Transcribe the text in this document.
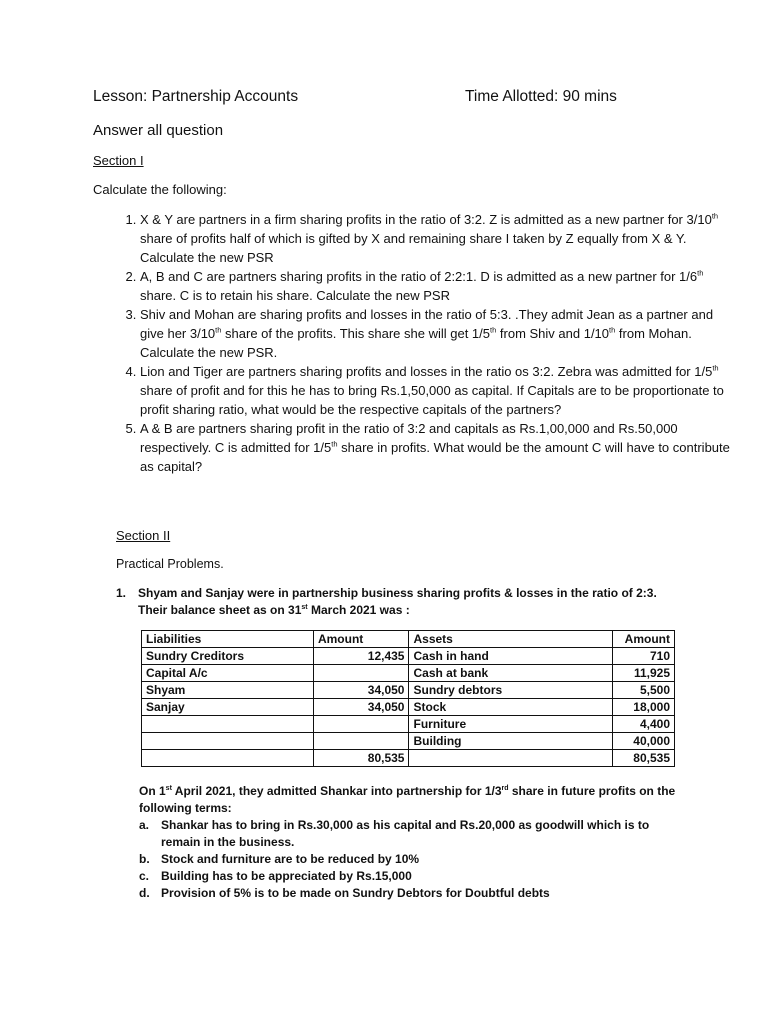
Lesson: Partnership Accounts	Time Allotted: 90 mins
Answer all question
Section I
Calculate the following:
1. X & Y are partners in a firm sharing profits in the ratio of 3:2. Z is admitted as a new partner for 3/10th share of profits half of which is gifted by X and remaining share I taken by Z equally from X & Y. Calculate the new PSR
2. A, B and C are partners sharing profits in the ratio of 2:2:1. D is admitted as a new partner for 1/6th share. C is to retain his share. Calculate the new PSR
3. Shiv and Mohan are sharing profits and losses in the ratio of 5:3. .They admit Jean as a partner and give her 3/10th share of the profits. This share she will get 1/5th from Shiv and 1/10th from Mohan. Calculate the new PSR.
4. Lion and Tiger are partners sharing profits and losses in the ratio os 3:2. Zebra was admitted for 1/5th share of profit and for this he has to bring Rs.1,50,000 as capital. If Capitals are to be proportionate to profit sharing ratio, what would be the respective capitals of the partners?
5. A & B are partners sharing profit in the ratio of 3:2 and capitals as Rs.1,00,000 and Rs.50,000 respectively. C is admitted for 1/5th share in profits. What would be the amount C will have to contribute as capital?
Section II
Practical Problems.
1. Shyam and Sanjay were in partnership business sharing profits & losses in the ratio of 2:3. Their balance sheet as on 31st March 2021 was :
Liabilities	Amount	Assets	Amount
Sundry Creditors	12,435	Cash in hand	710
Capital A/c		Cash at bank	11,925
Shyam	34,050	Sundry debtors	5,500
Sanjay	34,050	Stock	18,000
		Furniture	4,400
		Building	40,000
	80,535		80,535

On 1st April 2021, they admitted Shankar into partnership for 1/3rd share in future profits on the following terms:

a. Shankar has to bring in Rs.30,000 as his capital and Rs.20,000 as goodwill which is to remain in the business.
b. Stock and furniture are to be reduced by 10%
c. Building has to be appreciated by Rs.15,000
d. Provision of 5% is to be made on Sundry Debtors for Doubtful debts
